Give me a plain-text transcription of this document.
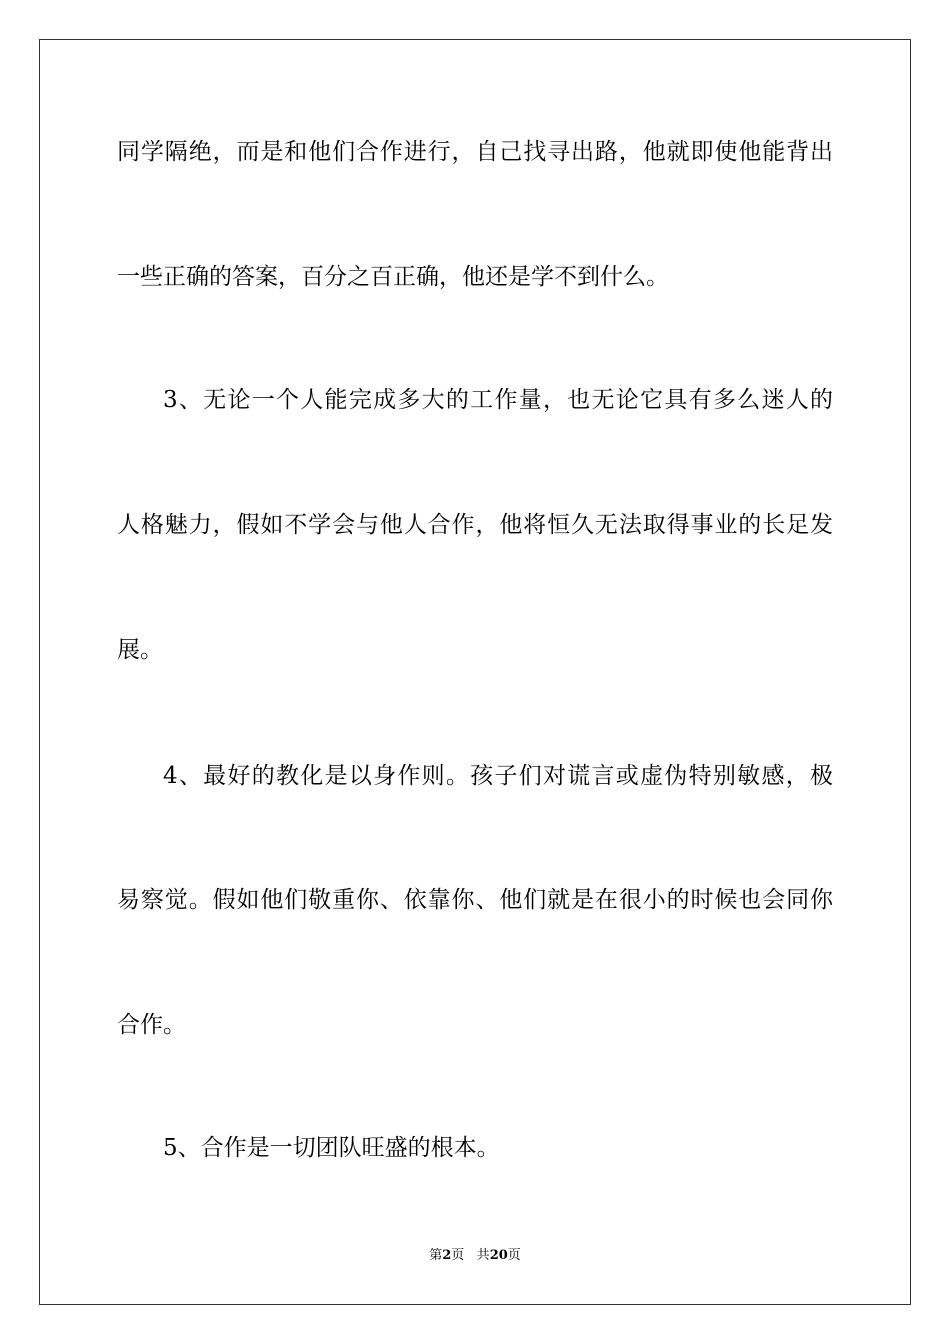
同学隔绝，而是和他们合作进行，自己找寻出路，他就即使他能背出
一些正确的答案，百分之百正确，他还是学不到什么。
3、无论一个人能完成多大的工作量，也无论它具有多么迷人的
人格魅力，假如不学会与他人合作，他将恒久无法取得事业的长足发
展。
4、最好的教化是以身作则。孩子们对谎言或虚伪特别敏感，极
易察觉。假如他们敬重你、依靠你、他们就是在很小的时候也会同你
合作。
5、合作是一切团队旺盛的根本。
第2页 共20页
